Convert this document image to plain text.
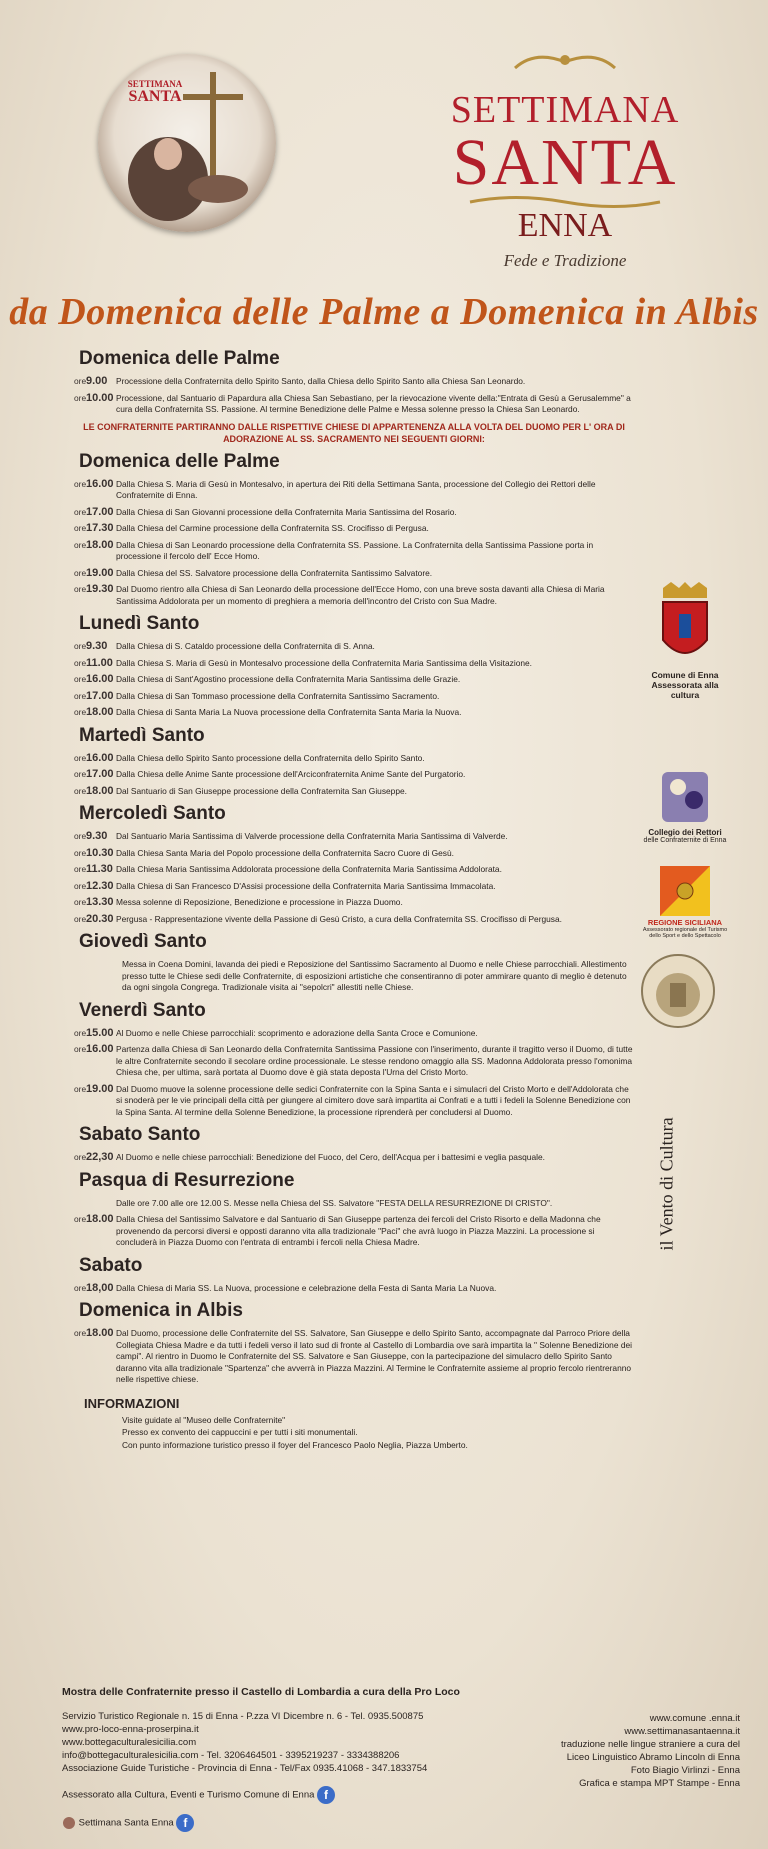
SETTIMANA
SANTA	SETTIMANA
SANTA
ENNA
Fede e Tradizione
da Domenica delle Palme a Domenica in Albis
Domenica delle Palme
ore 9.00	Processione della Confraternita dello Spirito Santo, dalla Chiesa dello Spirito Santo alla Chiesa San Leonardo.
ore 10.00 Processione, dal Santuario di Papardura alla Chiesa San Sebastiano, per la rievocazione vivente della:"Entrata di Gesù a Gerusalemme" a cura della Confraternita SS. Passione. Al termine Benedizione delle Palme e Messa solenne presso la Chiesa San Leonardo.
LE CONFRATERNITE PARTIRANNO DALLE RISPETTIVE CHIESE DI APPARTENENZA ALLA VOLTA DEL DUOMO PER L' ORA DI ADORAZIONE AL SS. SACRAMENTO NEI SEGUENTI GIORNI:
Domenica delle Palme
ore 16.00 Dalla Chiesa S. Maria di Gesù in Montesalvo, in apertura dei Riti della Settimana Santa, processione del Collegio dei Rettori delle Confraternite di Enna.
ore 17.00 Dalla Chiesa di San Giovanni processione della Confraternita Maria Santissima del Rosario.
ore 17.30 Dalla Chiesa del Carmine processione della Confraternita SS. Crocifisso di Pergusa.
ore 18.00 Dalla Chiesa di San Leonardo processione della Confraternita SS. Passione. La Confraternita della Santissima Passione porta in processione il fercolo dell' Ecce Homo.
ore 19.00 Dalla Chiesa del SS. Salvatore processione della Confraternita Santissimo Salvatore.
ore 19.30 Dal Duomo rientro alla Chiesa di San Leonardo della processione dell'Ecce Homo, con una breve sosta davanti alla Chiesa di Maria Santissima Addolorata per un momento di preghiera a memoria dell'incontro del Cristo con Sua Madre.
Lunedì Santo
ore 9.30	Dalla Chiesa di S. Cataldo processione della Confraternita di S. Anna.
ore 11.00 Dalla Chiesa S. Maria di Gesù in Montesalvo processione della Confraternita Maria Santissima della Visitazione.
ore 16.00 Dalla Chiesa di Sant'Agostino processione della Confraternita Maria Santissima delle Grazie.
ore 17.00 Dalla Chiesa di San Tommaso processione della Confraternita Santissimo Sacramento.
ore 18.00 Dalla Chiesa di Santa Maria La Nuova processione della Confraternita Santa Maria la Nuova.
Martedì Santo
ore 16.00 Dalla Chiesa dello Spirito Santo processione della Confraternita dello Spirito Santo.
ore 17.00 Dalla Chiesa delle Anime Sante processione dell'Arciconfraternita Anime Sante del Purgatorio.
ore 18.00 Dal Santuario di San Giuseppe processione della Confraternita San Giuseppe.
Mercoledì Santo
ore 9.30	Dal Santuario Maria Santissima di Valverde processione della Confraternita Maria Santissima di Valverde.
ore 10.30 Dalla Chiesa Santa Maria del Popolo processione della Confraternita Sacro Cuore di Gesù.
ore 11.30 Dalla Chiesa Maria Santissima Addolorata processione della Confraternita Maria Santissima Addolorata.
ore 12.30 Dalla Chiesa di San Francesco D'Assisi processione della Confraternita Maria Santissima Immacolata.
ore 13.30 Messa solenne di Reposizione, Benedizione e processione in Piazza Duomo.
ore 20.30 Pergusa - Rappresentazione vivente della Passione di Gesù Cristo, a cura della Confraternita SS. Crocifisso di Pergusa.
Giovedì Santo
Messa in Coena Domini, lavanda dei piedi e Reposizione del Santissimo Sacramento al Duomo e nelle Chiese parrocchiali. Allestimento presso tutte le Chiese sedi delle Confraternite, di esposizioni artistiche che consentiranno di poter ammirare quanto di meglio è detenuto da ogni singola Congrega. Tradizionale visita ai "sepolcri" allestiti nelle Chiese.
Venerdì Santo
ore 15.00 Al Duomo e nelle Chiese parrocchiali: scoprimento e adorazione della Santa Croce e Comunione.
ore 16.00 Partenza dalla Chiesa di San Leonardo della Confraternita Santissima Passione con l'inserimento, durante il tragitto verso il Duomo, di tutte le altre Confraternite secondo il secolare ordine processionale. Le stesse rendono omaggio alla SS. Madonna Addolorata presso l'omonima Chiesa che, per ultima, sarà portata al Duomo dove è già stata deposta l'Urna del Cristo Morto.
ore 19.00 Dal Duomo muove la solenne processione delle sedici Confraternite con la Spina Santa e i simulacri del Cristo Morto e dell'Addolorata che si snoderà per le vie principali della città per giungere al cimitero dove sarà impartita ai Confrati e a tutti i fedeli la Solenne Benedizione con la Spina Santa. Al termine della Solenne Benedizione, la processione riprenderà per concludersi al Duomo.
Sabato Santo
ore 22,30 Al Duomo e nelle chiese parrocchiali: Benedizione del Fuoco, del Cero, dell'Acqua per i battesimi e veglia pasquale.
Pasqua di Resurrezione
Dalle ore 7.00 alle ore 12.00 S. Messe nella Chiesa del SS. Salvatore "FESTA DELLA RESURREZIONE DI CRISTO".
ore 18.00 Dalla Chiesa del Santissimo Salvatore e dal Santuario di San Giuseppe partenza dei fercoli del Cristo Risorto e della Madonna che provenendo da percorsi diversi e opposti daranno vita alla tradizionale "Paci" che avrà luogo in Piazza Mazzini. La processione si concluderà in Piazza Duomo con l'entrata di entrambi i fercoli nella Chiesa Madre.
Sabato
ore 18,00 Dalla Chiesa di Maria SS. La Nuova, processione e celebrazione della Festa di Santa Maria La Nuova.
Domenica in Albis
ore 18.00 Dal Duomo, processione delle Confraternite del SS. Salvatore, San Giuseppe e dello Spirito Santo, accompagnate dal Parroco Priore della Collegiata Chiesa Madre e da tutti i fedeli verso il lato sud di fronte al Castello di Lombardia ove sarà impartita la " Solenne Benedizione dei campi". Al rientro in Duomo le Confraternite del SS. Salvatore e San Giuseppe, con la partecipazione del simulacro dello Spirito Santo daranno vita alla tradizionale "Spartenza" che avverrà in Piazza Mazzini. Al Termine le Confraternite assieme al proprio fercolo rientreranno nelle rispettive chiese.
INFORMAZIONI
Visite guidate al "Museo delle Confraternite"
Presso ex convento dei cappuccini e per tutti i siti monumentali.
Con punto informazione turistico presso il foyer del Francesco Paolo Neglia, Piazza Umberto.
Comune di Enna
Assessorata alla cultura
Collegio dei Rettori
delle Confraternite di Enna
REGIONE SICILIANA
Assessorato regionale del Turismo
dello Sport e dello Spettacolo
il Vento di Cultura
Mostra delle Confraternite presso il Castello di Lombardia a cura della Pro Loco
Servizio Turistico Regionale n. 15 di Enna - P.zza VI Dicembre n. 6 - Tel. 0935.500875
www.pro-loco-enna-proserpina.it
www.bottegaculturalesicilia.com
info@bottegaculturalesicilia.com - Tel. 3206464501 - 3395219237 - 3334388206
Associazione Guide Turistiche - Provincia di Enna - Tel/Fax 0935.41068 - 347.1833754
Assessorato alla Cultura, Eventi e Turismo Comune di Enna f
Settimana Santa Enna f
www.comune .enna.it
www.settimanasantaenna.it
traduzione nelle lingue straniere a cura del
Liceo Linguistico Abramo Lincoln di Enna
Foto Biagio Virlinzi - Enna
Grafica e stampa MPT Stampe - Enna
